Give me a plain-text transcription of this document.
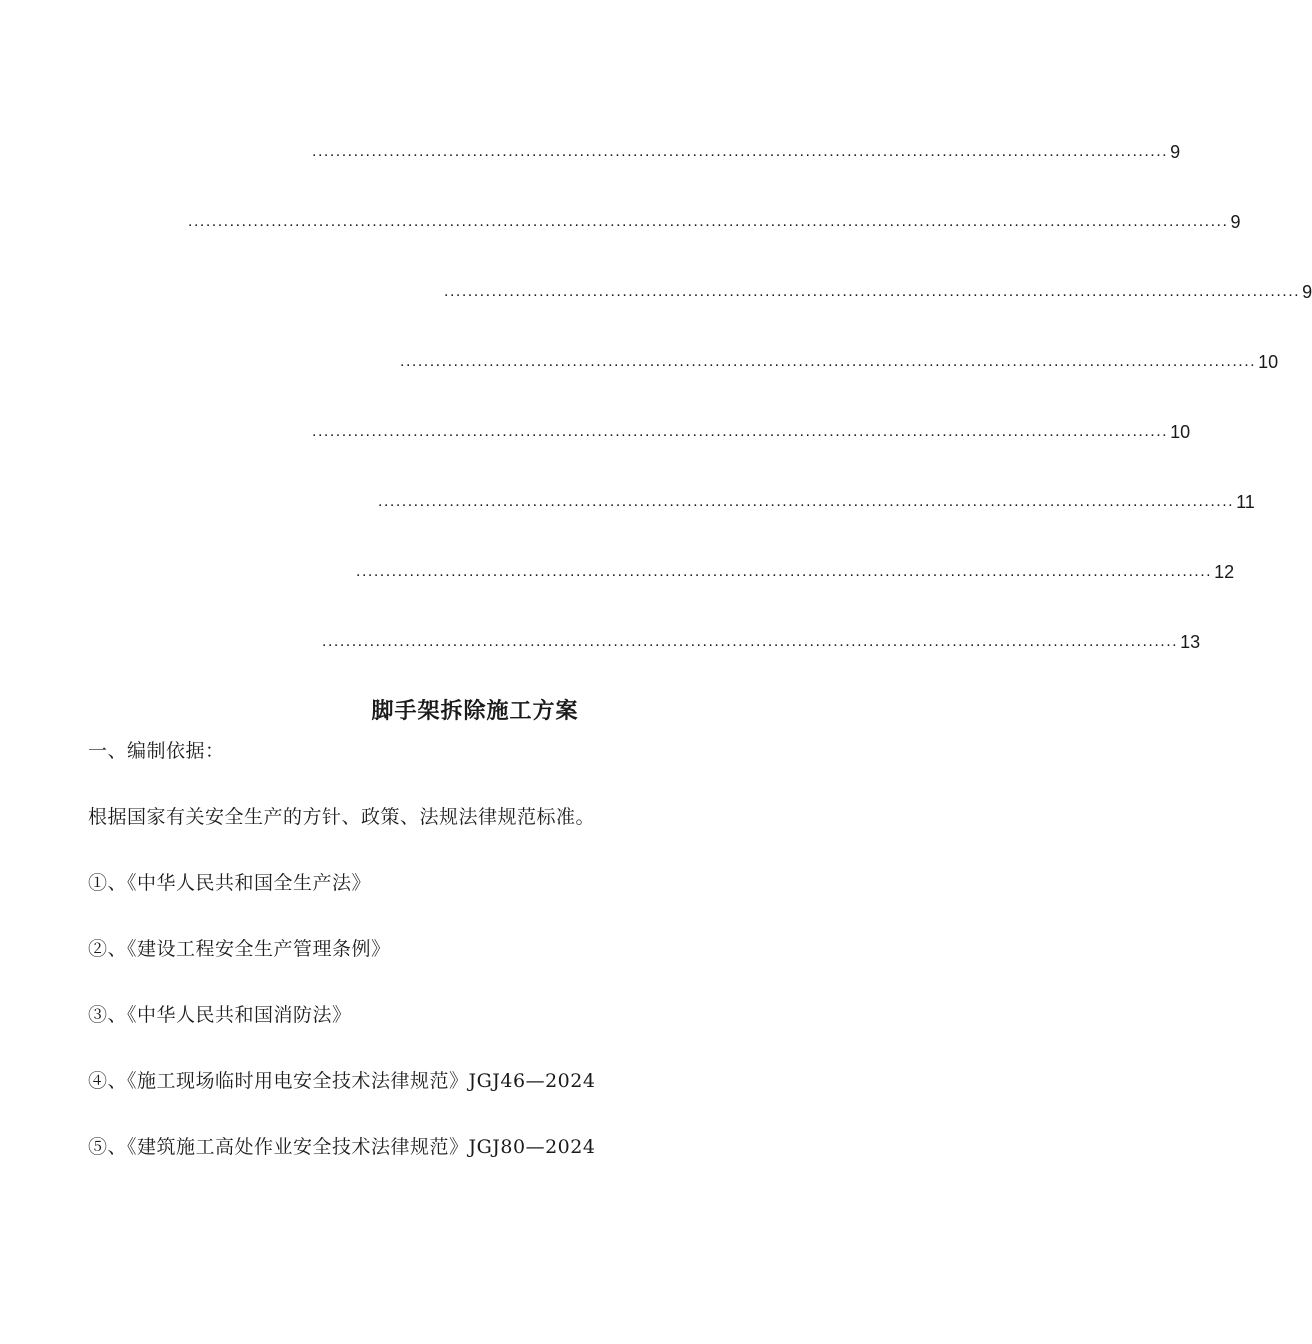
................................................................................................................................................ 9
............................................................................................................................................................................... 9
................................................................................................................................................ 9
................................................................................................................................................ 10
................................................................................................................................................ 10
................................................................................................................................................ 11
................................................................................................................................................ 12
................................................................................................................................................ 13
脚手架拆除施工方案
一、编制依据：
根据国家有关安全生产的方针、政策、法规法律规范标准。
①、《中华人民共和国全生产法》
②、《建设工程安全生产管理条例》
③、《中华人民共和国消防法》
④、《施工现场临时用电安全技术法律规范》JGJ46—2024
⑤、《建筑施工高处作业安全技术法律规范》JGJ80—2024
